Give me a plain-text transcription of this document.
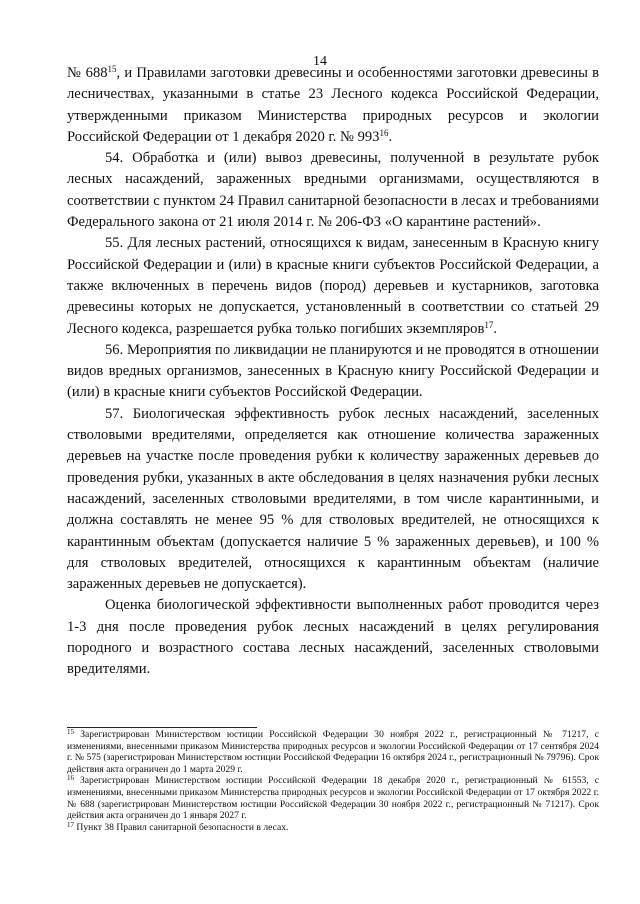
14

№ $688^{15}$, и Правилами заготовки древесины и особенностями заготовки древесины в лесничествах, указанными в статье 23 Лесного кодекса Российской Федерации, утвержденными приказом Министерства природных ресурсов и экологии Российской Федерации от 1 декабря 2020 г. № $993^{16}$.

54. Обработка и (или) вывоз древесины, полученной в результате рубок лесных насаждений, зараженных вредными организмами, осуществляются в соответствии с пунктом 24 Правил санитарной безопасности в лесах и требованиями Федерального закона от 21 июля 2014 г. № 206-ФЗ «О карантине растений».

55. Для лесных растений, относящихся к видам, занесенным в Красную книгу Российской Федерации и (или) в красные книги субъектов Российской Федерации, а также включенных в перечень видов (пород) деревьев и кустарников, заготовка древесины которых не допускается, установленный в соответствии со статьей 29 Лесного кодекса, разрешается рубка только погибших экземпляров$^{17}$.

56. Мероприятия по ликвидации не планируются и не проводятся в отношении видов вредных организмов, занесенных в Красную книгу Российской Федерации и (или) в красные книги субъектов Российской Федерации.

57. Биологическая эффективность рубок лесных насаждений, заселенных стволовыми вредителями, определяется как отношение количества зараженных деревьев на участке после проведения рубки к количеству зараженных деревьев до проведения рубки, указанных в акте обследования в целях назначения рубки лесных насаждений, заселенных стволовыми вредителями, в том числе карантинными, и должна составлять не менее 95 % для стволовых вредителей, не относящихся к карантинным объектам (допускается наличие 5 % зараженных деревьев), и 100 % для стволовых вредителей, относящихся к карантинным объектам (наличие зараженных деревьев не допускается).

Оценка биологической эффективности выполненных работ проводится через 1-3 дня после проведения рубок лесных насаждений в целях регулирования породного и возрастного состава лесных насаждений, заселенных стволовыми вредителями.

$^{15}$ Зарегистрирован Министерством юстиции Российской Федерации 30 ноября 2022 г., регистрационный № 71217, с изменениями, внесенными приказом Министерства природных ресурсов и экологии Российской Федерации от 17 сентября 2024 г. № 575 (зарегистрирован Министерством юстиции Российской Федерации 16 октября 2024 г., регистрационный № 79796). Срок действия акта ограничен до 1 марта 2029 г.

$^{16}$ Зарегистрирован Министерством юстиции Российской Федерации 18 декабря 2020 г., регистрационный № 61553, с изменениями, внесенными приказом Министерства природных ресурсов и экологии Российской Федерации от 17 октября 2022 г. № 688 (зарегистрирован Министерством юстиции Российской Федерации 30 ноября 2022 г., регистрационный № 71217). Срок действия акта ограничен до 1 января 2027 г.

$^{17}$ Пункт 38 Правил санитарной безопасности в лесах.
